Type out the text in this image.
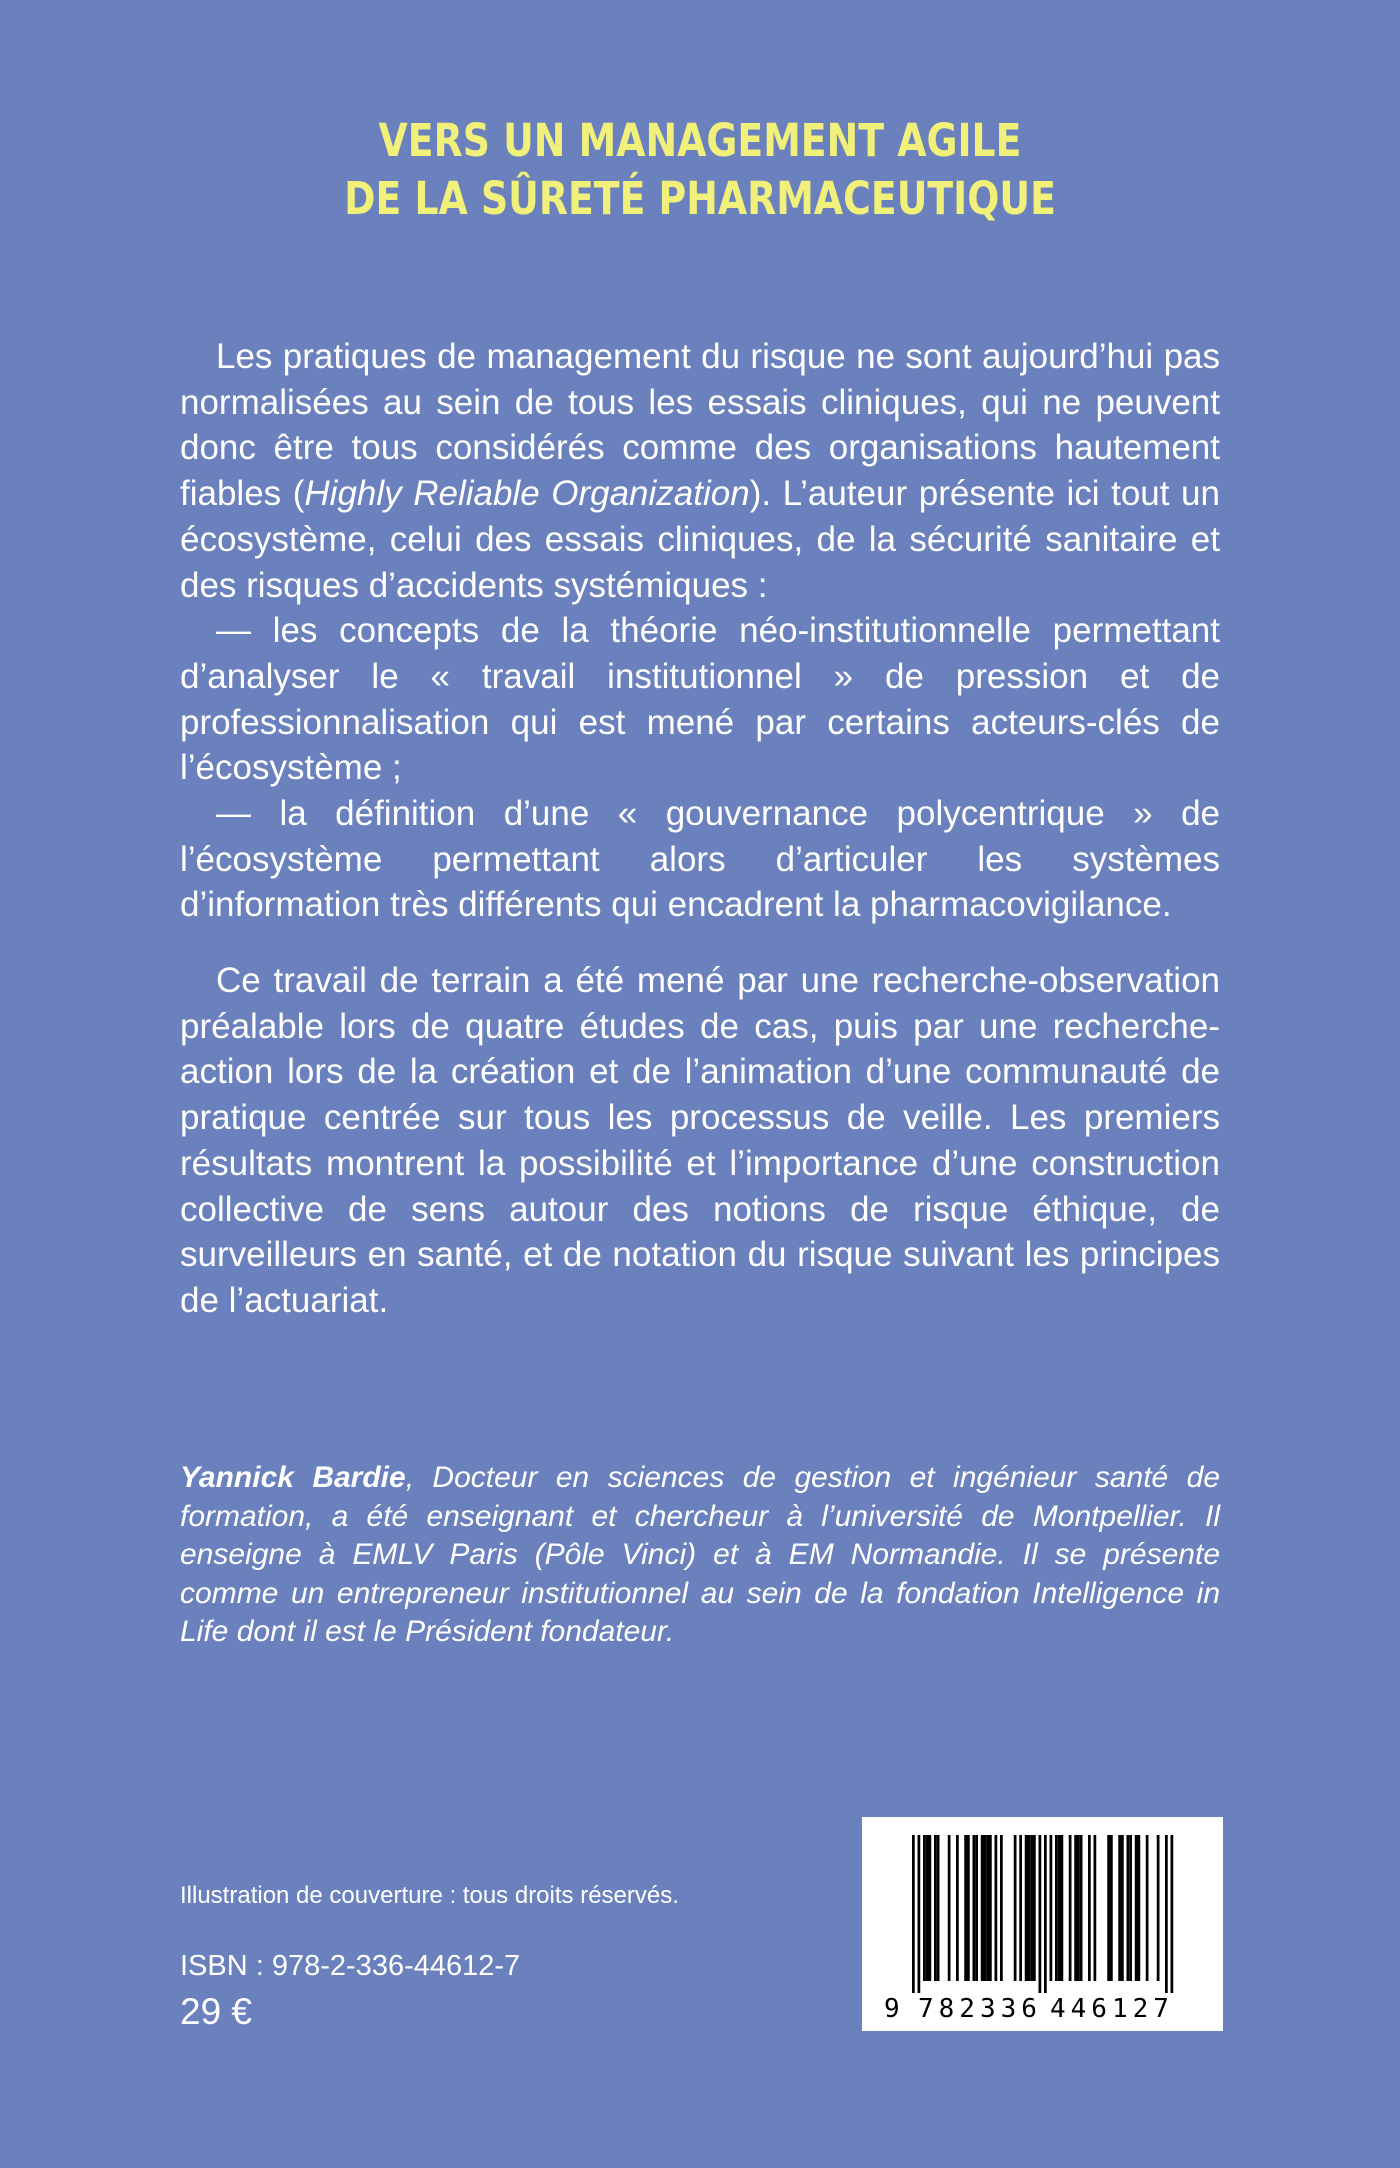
VERS UN MANAGEMENT AGILE
DE LA SÛRETÉ PHARMACEUTIQUE

Les pratiques de management du risque ne sont aujourd’hui pas normalisées au sein de tous les essais cliniques, qui ne peuvent donc être tous considérés comme des organisations hautement fiables (Highly Reliable Organization). L’auteur présente ici tout un écosystème, celui des essais cliniques, de la sécurité sanitaire et des risques d’accidents systémiques :

— les concepts de la théorie néo-institutionnelle permettant d’analyser le « travail institutionnel » de pression et de professionnalisation qui est mené par certains acteurs-clés de l’écosystème ;

— la définition d’une « gouvernance polycentrique » de l’écosystème permettant alors d’articuler les systèmes d’information très différents qui encadrent la pharmacovigilance.

Ce travail de terrain a été mené par une recherche-observation préalable lors de quatre études de cas, puis par une recherche-action lors de la création et de l’animation d’une communauté de pratique centrée sur tous les processus de veille. Les premiers résultats montrent la possibilité et l’importance d’une construction collective de sens autour des notions de risque éthique, de surveilleurs en santé, et de notation du risque suivant les principes de l’actuariat.

Yannick Bardie, Docteur en sciences de gestion et ingénieur santé de formation, a été enseignant et chercheur à l’université de Montpellier. Il enseigne à EMLV Paris (Pôle Vinci) et à EM Normandie. Il se présente comme un entrepreneur institutionnel au sein de la fondation Intelligence in Life dont il est le Président fondateur.
Illustration de couverture : tous droits réservés.
ISBN : 978-2-336-44612-7
29 €	9 782336 446127
